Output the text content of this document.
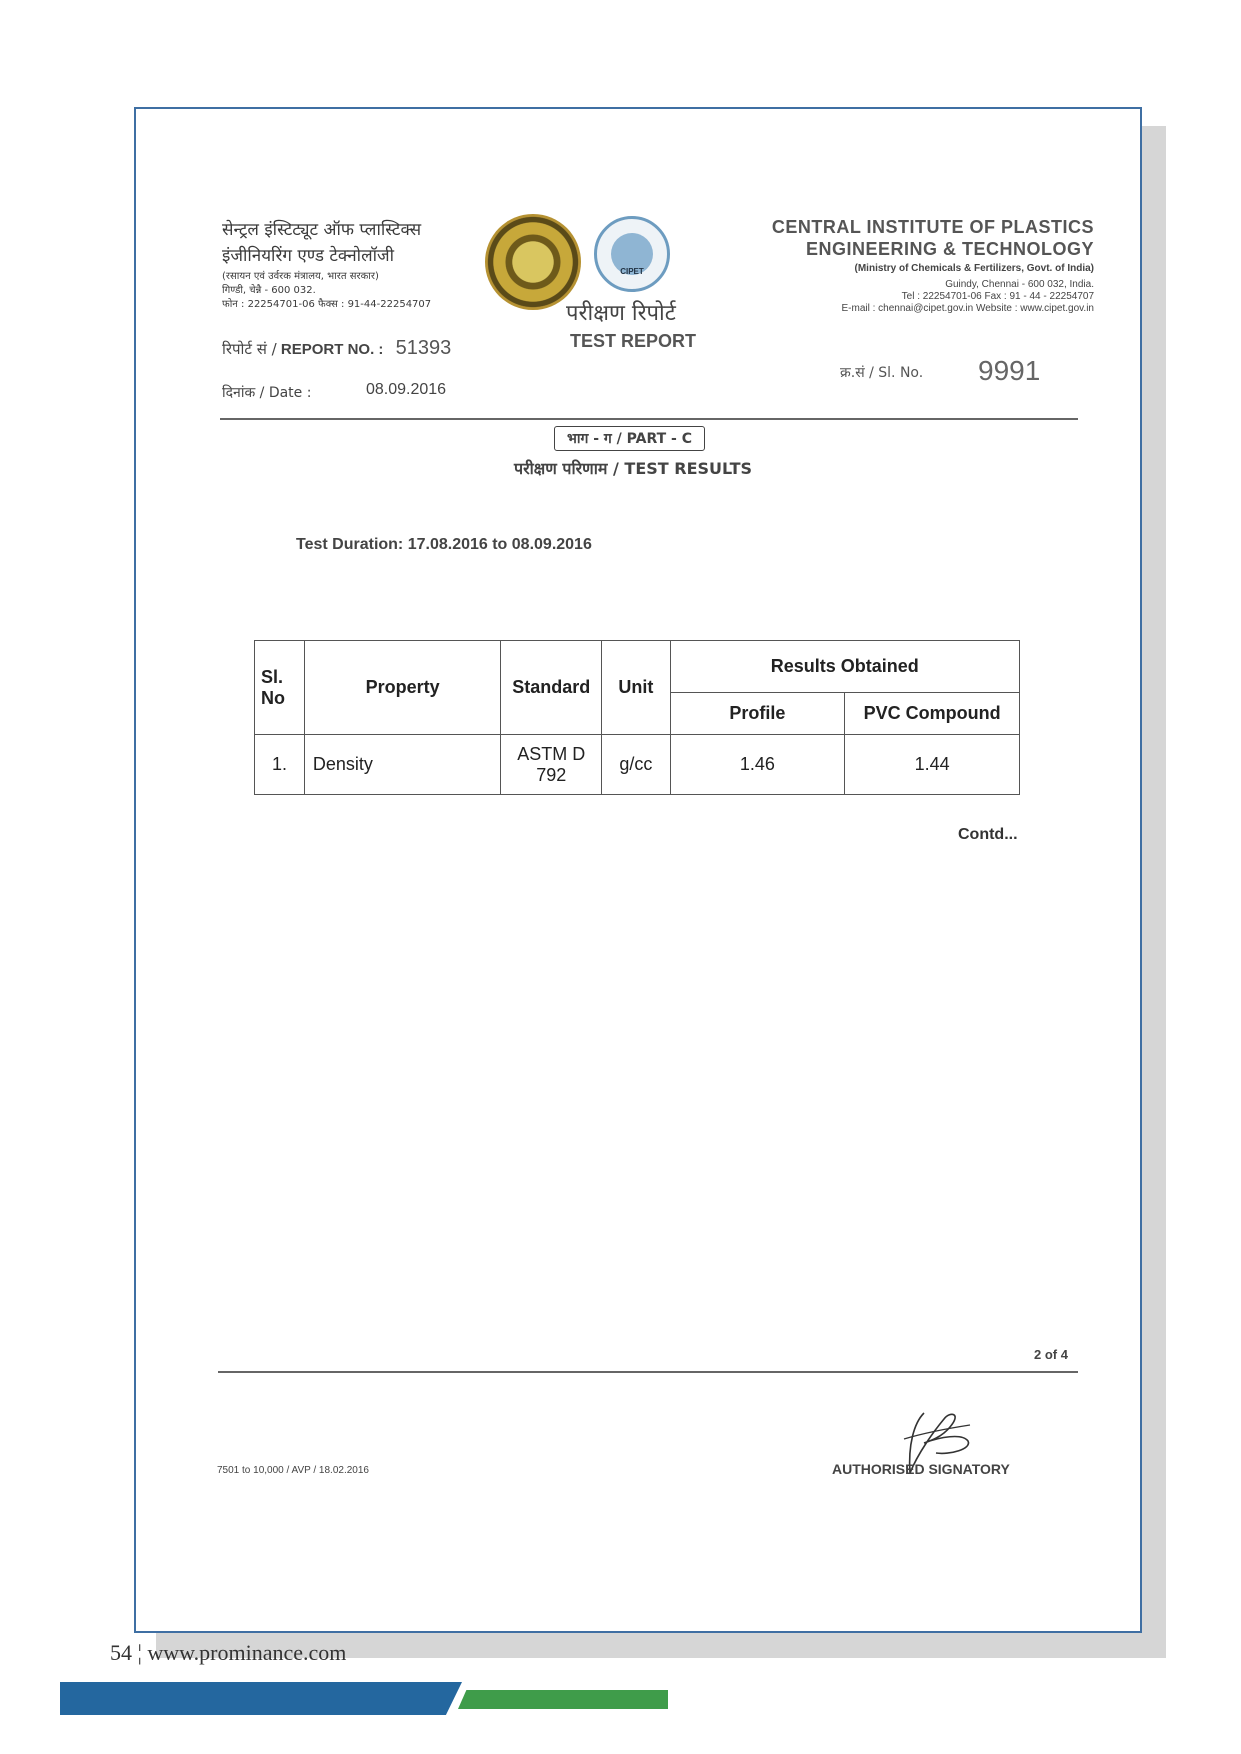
सेन्ट्रल इंस्टिट्यूट ऑफ प्लास्टिक्स
इंजीनियरिंग एण्ड टेक्नोलॉजी
(रसायन एवं उर्वरक मंत्रालय, भारत सरकार)
गिण्डी, चेन्नै - 600 032.
फोन : 22254701-06 फैक्स : 91-44-22254707
CIPET
परीक्षण रिपोर्ट
TEST REPORT
CENTRAL INSTITUTE OF PLASTICS
ENGINEERING & TECHNOLOGY
(Ministry of Chemicals & Fertilizers, Govt. of India)
Guindy, Chennai - 600 032, India.
Tel : 22254701-06 Fax : 91 - 44 - 22254707
E-mail : chennai@cipet.gov.in Website : www.cipet.gov.in
रिपोर्ट सं / REPORT NO. : 51393
दिनांक / Date :	08.09.2016
क्र.सं / Sl. No. 9991
भाग - ग / PART - C
परीक्षण परिणाम / TEST RESULTS
Test Duration: 17.08.2016 to 08.09.2016
Sl. No	Property	Standard	Unit	Results Obtained	
				Profile	PVC Compound
1.	Density	ASTM D 792	g/cc	1.46	1.44
Contd...
2 of 4
7501 to 10,000 / AVP / 18.02.2016	AUTHORISED SIGNATORY
54 ¦ www.prominance.com
